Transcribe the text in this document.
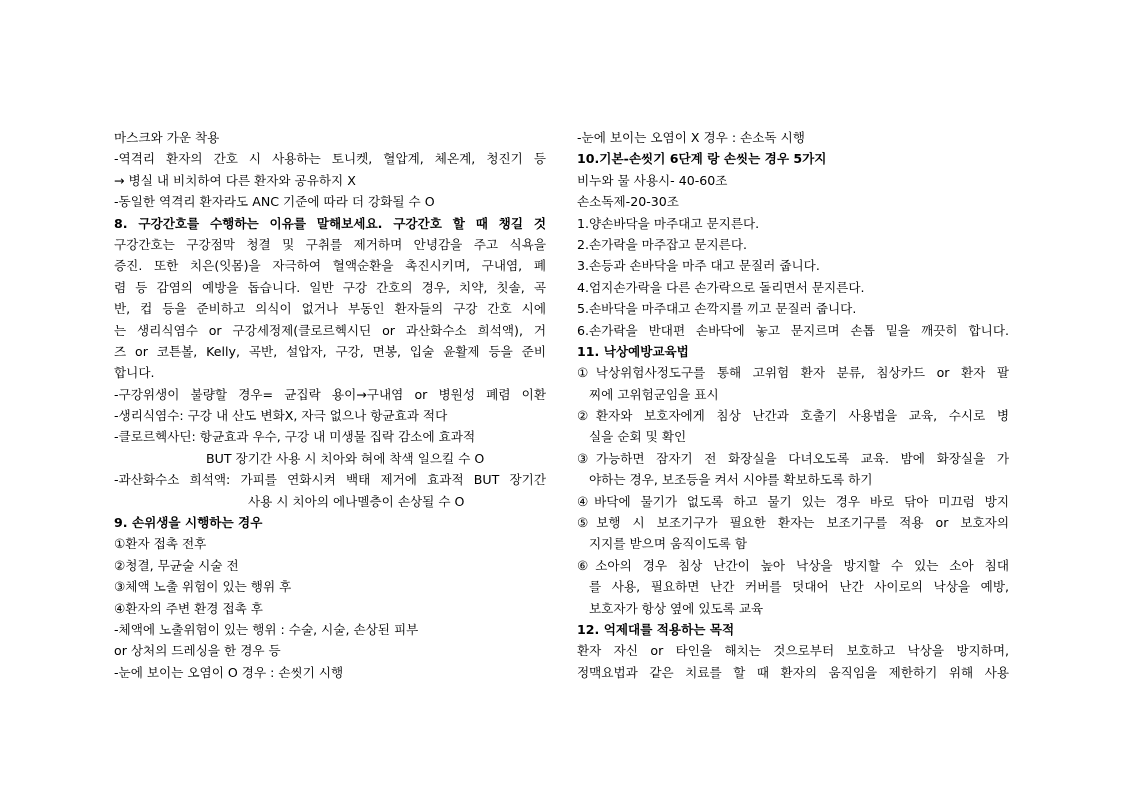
마스크와 가운 착용
-역격리 환자의 간호 시 사용하는 토니켓, 혈압계, 체온계, 청진기 등
→ 병실 내 비치하여 다른 환자와 공유하지 X
-동일한 역격리 환자라도 ANC 기준에 따라 더 강화될 수 O
8. 구강간호를 수행하는 이유를 말해보세요. 구강간호 할 때 챙길 것
구강간호는 구강점막 청결 및 구취를 제거하며 안녕감을 주고 식욕을
증진. 또한 치은(잇몸)을 자극하여 혈액순환을 촉진시키며, 구내염, 폐
렴 등 감염의 예방을 돕습니다. 일반 구강 간호의 경우, 치약, 칫솔, 곡
반, 컵 등을 준비하고 의식이 없거나 부동인 환자들의 구강 간호 시에
는 생리식염수 or 구강세정제(클로르헥시딘 or 과산화수소 희석액), 거
즈 or 코튼볼, Kelly, 곡반, 설압자, 구강, 면봉, 입술 윤활제 등을 준비
합니다.
-구강위생이 불량할 경우= 균집락 용이→구내염 or 병원성 폐렴 이환
-생리식염수: 구강 내 산도 변화X, 자극 없으나 항균효과 적다
-클로르헥사딘: 항균효과 우수, 구강 내 미생물 집락 감소에 효과적
BUT 장기간 사용 시 치아와 혀에 착색 일으킬 수 O
-과산화수소 희석액: 가피를 연화시켜 백태 제거에 효과적 BUT 장기간
사용 시 치아의 에나멜층이 손상될 수 O
9. 손위생을 시행하는 경우
①환자 접촉 전후
②청결, 무균술 시술 전
③체액 노출 위험이 있는 행위 후
④환자의 주변 환경 접촉 후
-체액에 노출위험이 있는 행위 : 수술, 시술, 손상된 피부
or 상처의 드레싱을 한 경우 등
-눈에 보이는 오염이 O 경우 : 손씻기 시행
-눈에 보이는 오염이 X 경우 : 손소독 시행
10.기본-손씻기 6단계 랑 손씻는 경우 5가지
비누와 물 사용시- 40-60조
손소독제-20-30조
1.양손바닥을 마주대고 문지른다.
2.손가락을 마주잡고 문지른다.
3.손등과 손바닥을 마주 대고 문질러 줍니다.
4.엄지손가락을 다른 손가락으로 돌리면서 문지른다.
5.손바닥을 마주대고 손깍지를 끼고 문질러 줍니다.
6.손가락을 반대편 손바닥에 놓고 문지르며 손톱 밑을 깨끗히 합니다.
11. 낙상예방교육법
①낙상위험사정도구를 통해 고위험 환자 분류, 침상카드 or 환자 팔
찌에 고위험군임을 표시
②환자와 보호자에게 침상 난간과 호출기 사용법을 교육, 수시로 병
실을 순회 및 확인
③가능하면 잠자기 전 화장실을 다녀오도록 교육. 밤에 화장실을 가
야하는 경우, 보조등을 켜서 시야를 확보하도록 하기
④바닥에 물기가 없도록 하고 물기 있는 경우 바로 닦아 미끄럼 방지
⑤보행 시 보조기구가 필요한 환자는 보조기구를 적용 or 보호자의
지지를 받으며 움직이도록 함
⑥소아의 경우 침상 난간이 높아 낙상을 방지할 수 있는 소아 침대
를 사용, 필요하면 난간 커버를 덧대어 난간 사이로의 낙상을 예방,
보호자가 항상 옆에 있도록 교육
12. 억제대를 적용하는 목적
환자 자신 or 타인을 해치는 것으로부터 보호하고 낙상을 방지하며,
정맥요법과 같은 치료를 할 때 환자의 움직임을 제한하기 위해 사용
